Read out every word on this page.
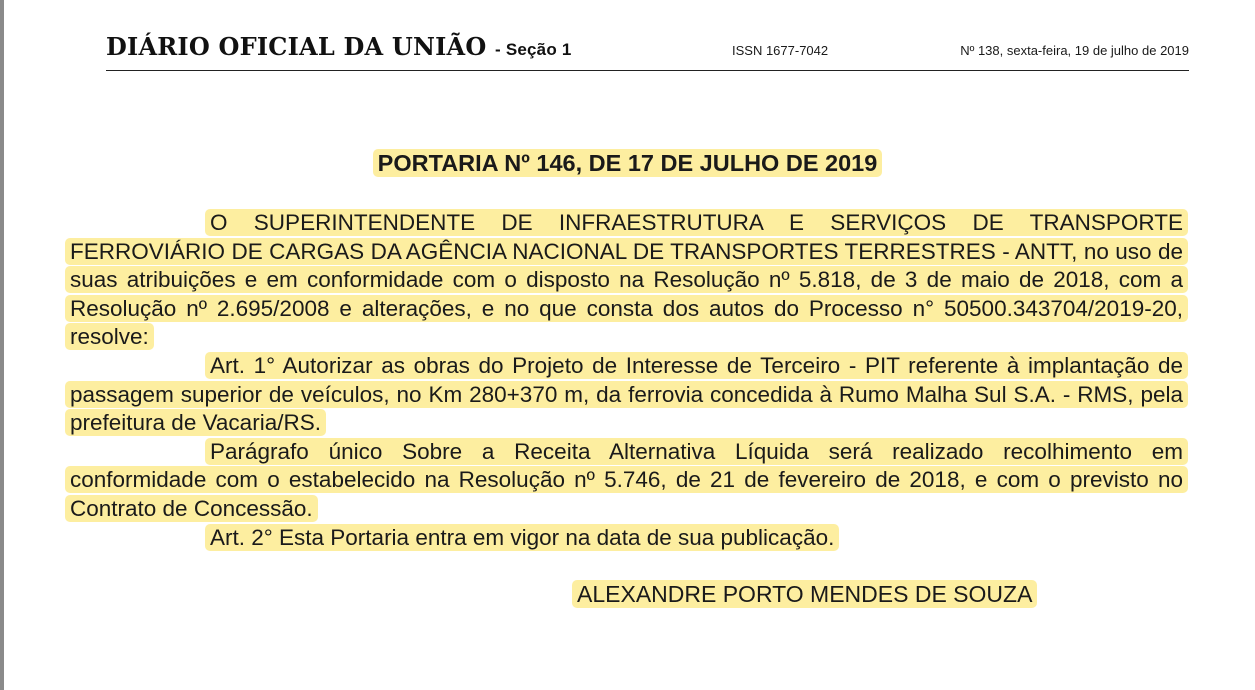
DIÁRIO OFICIAL DA UNIÃO - Seção 1	ISSN 1677-7042	Nº 138, sexta-feira, 19 de julho de 2019
PORTARIA Nº 146, DE 17 DE JULHO DE 2019

O SUPERINTENDENTE DE INFRAESTRUTURA E SERVIÇOS DE TRANSPORTE FERROVIÁRIO DE CARGAS DA AGÊNCIA NACIONAL DE TRANSPORTES TERRESTRES - ANTT, no uso de suas atribuições e em conformidade com o disposto na Resolução nº 5.818, de 3 de maio de 2018, com a Resolução nº 2.695/2008 e alterações, e no que consta dos autos do Processo n° 50500.343704/2019-20, resolve:

Art. 1° Autorizar as obras do Projeto de Interesse de Terceiro - PIT referente à implantação de passagem superior de veículos, no Km 280+370 m, da ferrovia concedida à Rumo Malha Sul S.A. - RMS, pela prefeitura de Vacaria/RS.

Parágrafo único Sobre a Receita Alternativa Líquida será realizado recolhimento em conformidade com o estabelecido na Resolução nº 5.746, de 21 de fevereiro de 2018, e com o previsto no Contrato de Concessão.

Art. 2° Esta Portaria entra em vigor na data de sua publicação.

ALEXANDRE PORTO MENDES DE SOUZA
